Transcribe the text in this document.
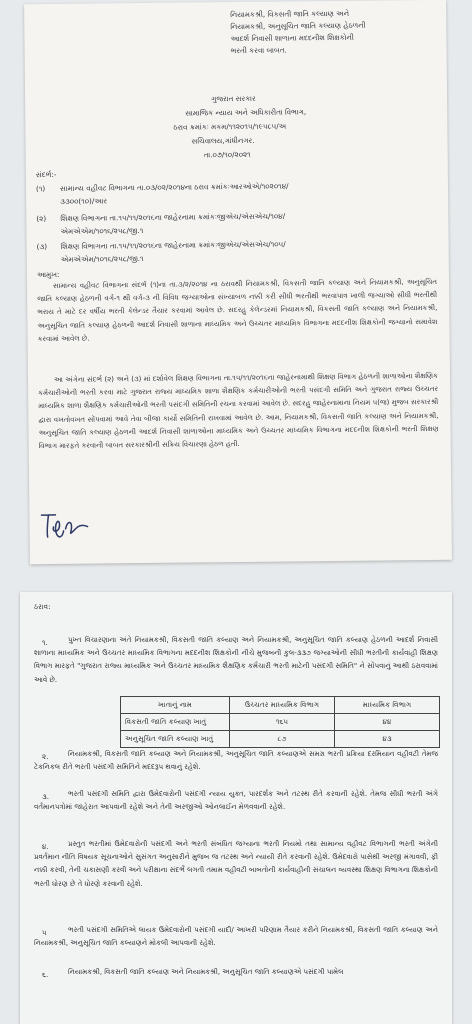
નિયામકશ્રી, વિકસતી જાતિ કલ્યાણ અને
નિયામકશ્રી, અનુસૂચિત જાતિ કલ્યાણ હેઠળની
આદર્શ નિવાસી શાળાના મદદનીશ શિક્ષકોની
ભરતી કરવા બાબત.
ગુજરાત સરકાર
સામાજિક ન્યાય અને અધિકારીતા વિભાગ,
ઠરાવ ક્રમાંકઃ મકમ/૧૧૨૦૧૫/૧૯૫૮૫/અ
સચિવાલય,ગાંધીનગર.
તા.૦૭/૧૦/૨૦૨૧
સંદર્ભ:-
(૧) સામાન્ય વહીવટ વિભાગના તા.૦૩/૦૨/૨૦૧૪ના ઠરાવ ક્રમાંકઃઆરઓએ/૧૦૨૦૧૪/
૩૩૦૦(૧૦)/આર
(૨) શિક્ષણ વિભાગના તા.૧૫/૧૧/૨૦૧૬ના જાહેરનામા ક્રમાંકઃજીએચ/એસએચ/૧૦૪/
એમએએમ/૧૦૧૬/૨૫૮/જી.૧
(૩) શિક્ષણ વિભાગના તા.૧૫/૧૧/૨૦૧૬ના જાહેરનામા ક્રમાંકઃજીએચ/એસએચ/૧૦૫/
એમએએમ/૧૦૧૬/૨૫૮/જી.૧
આમુખ:
સામાન્ય વહીવટ વિભાગના સંદર્ભ (૧)ના તા.૩/૨/૨૦૧૪ ના ઠરાવથી નિયામકશ્રી, વિકસતી જાતિ કલ્યાણ અને નિયામકશ્રી, અનુસૂચિત જાતિ કલ્યાણ હેઠળની વર્ગ-૧ થી વર્ગ-૩ ની વિવિધ જગ્યાઓના સંખ્યાબળ નક્કી કરી સીધી ભરતીથી ભરવાપાત્ર ખાલી જગ્યાઓ સીધી ભરતીથી ભરાય તે માટે દર વર્ષીય ભરતી કેલેન્ડર તૈયાર કરવામાં આવેલ છે. સદરહુ કેલેન્ડરમાં નિયામકશ્રી, વિકસતી જાતિ કલ્યાણ અને નિયામકશ્રી, અનુસૂચિત જાતિ કલ્યાણ હેઠળની આદર્શ નિવાસી શાળાના માધ્યમિક અને ઉચ્ચતર માધ્યમિક વિભાગના મદદનીશ શિક્ષકોની જગ્યાનો સમાવેશ કરવામાં આવેલ છે.
આ અંગેના સંદર્ભ (૨) અને (૩) માં દર્શાવેલ શિક્ષણ વિભાગના તા.૧૫/૧૧/૨૦૧૬ના જાહેરનામાથી શિક્ષણ વિભાગ હેઠળની શાળાઓના શૈક્ષણિક કર્મચારીઓની ભરતી કરવા માટે ગુજરાત રાજ્ય માધ્યમિક શાળા શૈક્ષણિક કર્મચારીઓની ભરતી પસંદગી સમિતિ અને ગુજરાત રાજ્ય ઉચ્ચતર માધ્યમિક શાળા શૈક્ષણિક કર્મચારીઓની ભરતી પસંદગી સમિતિની રચના કરવામાં આવેલ છે. સદરહુ જાહેરનામાના નિયમ ૫(જ) મુજબ સરકારશ્રી દ્વારા વખતોવખત સોંપવામાં આવે તેવા બીજા કાર્યો સમિતિની રાખવામાં આવેલ છે. આમ, નિયામકશ્રી, વિકસતી જાતિ કલ્યાણ અને નિયામકશ્રી, અનુસૂચિત જાતિ કલ્યાણ હેઠળની આદર્શ નિવાસી શાળાઓના માધ્યમિક અને ઉચ્ચતર માધ્યમિક વિભાગના મદદનીશ શિક્ષકોની ભરતી શિક્ષણ વિભાગ મારફતે કરવાની બાબત સરકારશ્રીની સક્રિય વિચારણા હેઠળ હતી.
ઠરાવ:
૧.	પુખ્ત વિચારણાના અંતે નિયામકશ્રી, વિકસતી જાતિ કલ્યાણ અને નિયામકશ્રી, અનુસૂચિત જાતિ કલ્યાણ હેઠળની આદર્શ નિવાસી શાળાના માધ્યમિક અને ઉચ્ચતર માધ્યમિક વિભાગના મદદનીશ શિક્ષકોની નીચે મુજબની કુલ-૩૩૭ જગ્યાઓની સીધી ભરતીની કાર્યવાહી શિક્ષણ વિભાગ મારફતે "ગુજરાત રાજ્ય માધ્યમિક અને ઉચ્ચતર માધ્યમિક શૈક્ષણિક કર્મચારી ભરતી માટેની પસંદગી સમિતિ" ને સોંપવાનું આથી ઠરાવવામાં આવે છે.
ખાતાનું નામ	ઉચ્ચતર માધ્યમિક વિભાગ	માધ્યમિક વિભાગ
વિકસતી જાતિ કલ્યાણ ખાતું	૧૬૫	૪૪
અનુસૂચિત જાતિ કલ્યાણ ખાતું	૮૭	૪૩
૨.	નિયામકશ્રી, વિકસતી જાતિ કલ્યાણ અને નિયામકશ્રી, અનુસૂચિત જાતિ કલ્યાણએ સમગ્ર ભરતી પ્રક્રિયા દરમિયાન વહીવટી તેમજ ટેકનિકલ રીતે ભરતી પસંદગી સમિતિને મદદરૂપ થવાનું રહેશે.
૩.	ભરતી પસંદગી સમિતિ દ્વારા ઉમેદવારોની પસંદગી ન્યાય યુક્ત, પારદર્શક અને તટસ્થ રીતે કરવાની રહેશે. તેમજ સીધી ભરતી અંગે વર્તમાનપત્રોમાં જાહેરાત આપવાની રહેશે અને તેની અરજીઓ ઓનલાઈન મેળવવાની રહેશે.
૪.	પ્રસ્તુત ભરતીમાં ઉમેદવારોની પસંદગી અને ભરતી સંબંધિત જગ્યાના ભરતી નિયમો તથા સામાન્ય વહીવટ વિભાગની ભરતી અંગેની પ્રવર્તમાન નીતિ વિષયક સૂચનાઓને સુસંગત અનુસારીને મુજબ જ તટસ્થ અને ન્યાયી રીતે કરવાની રહેશે. ઉમેદવારો પાસેથી અરજી મંગાવવી, ફી નક્કી કરવી, તેની ચકાસણી કરવી અને પરીક્ષાના સંદર્ભે લગતી તમામ વહીવટી બાબતોની કાર્યવાહીની સંચાલન વ્યવસ્થા શિક્ષણ વિભાગના શિક્ષકોની ભરતી ધોરણ છે તે ધોરણે કરવાની રહેશે.
૫	ભરતી પસંદગી સમિતિએ લાયક ઉમેદવારોની પસંદગી યાદી/ આખરી પરિણામ તૈયાર કરીને નિયામકશ્રી, વિકસતી જાતિ કલ્યાણ અને નિયામકશ્રી, અનુસૂચિત જાતિ કલ્યાણને મોકલી આપવાની રહેશે.
૬.	નિયામકશ્રી, વિકસતી જાતિ કલ્યાણ અને નિયામકશ્રી, અનુસૂચિત જાતિ કલ્યાણએ પસંદગી પામેલ
